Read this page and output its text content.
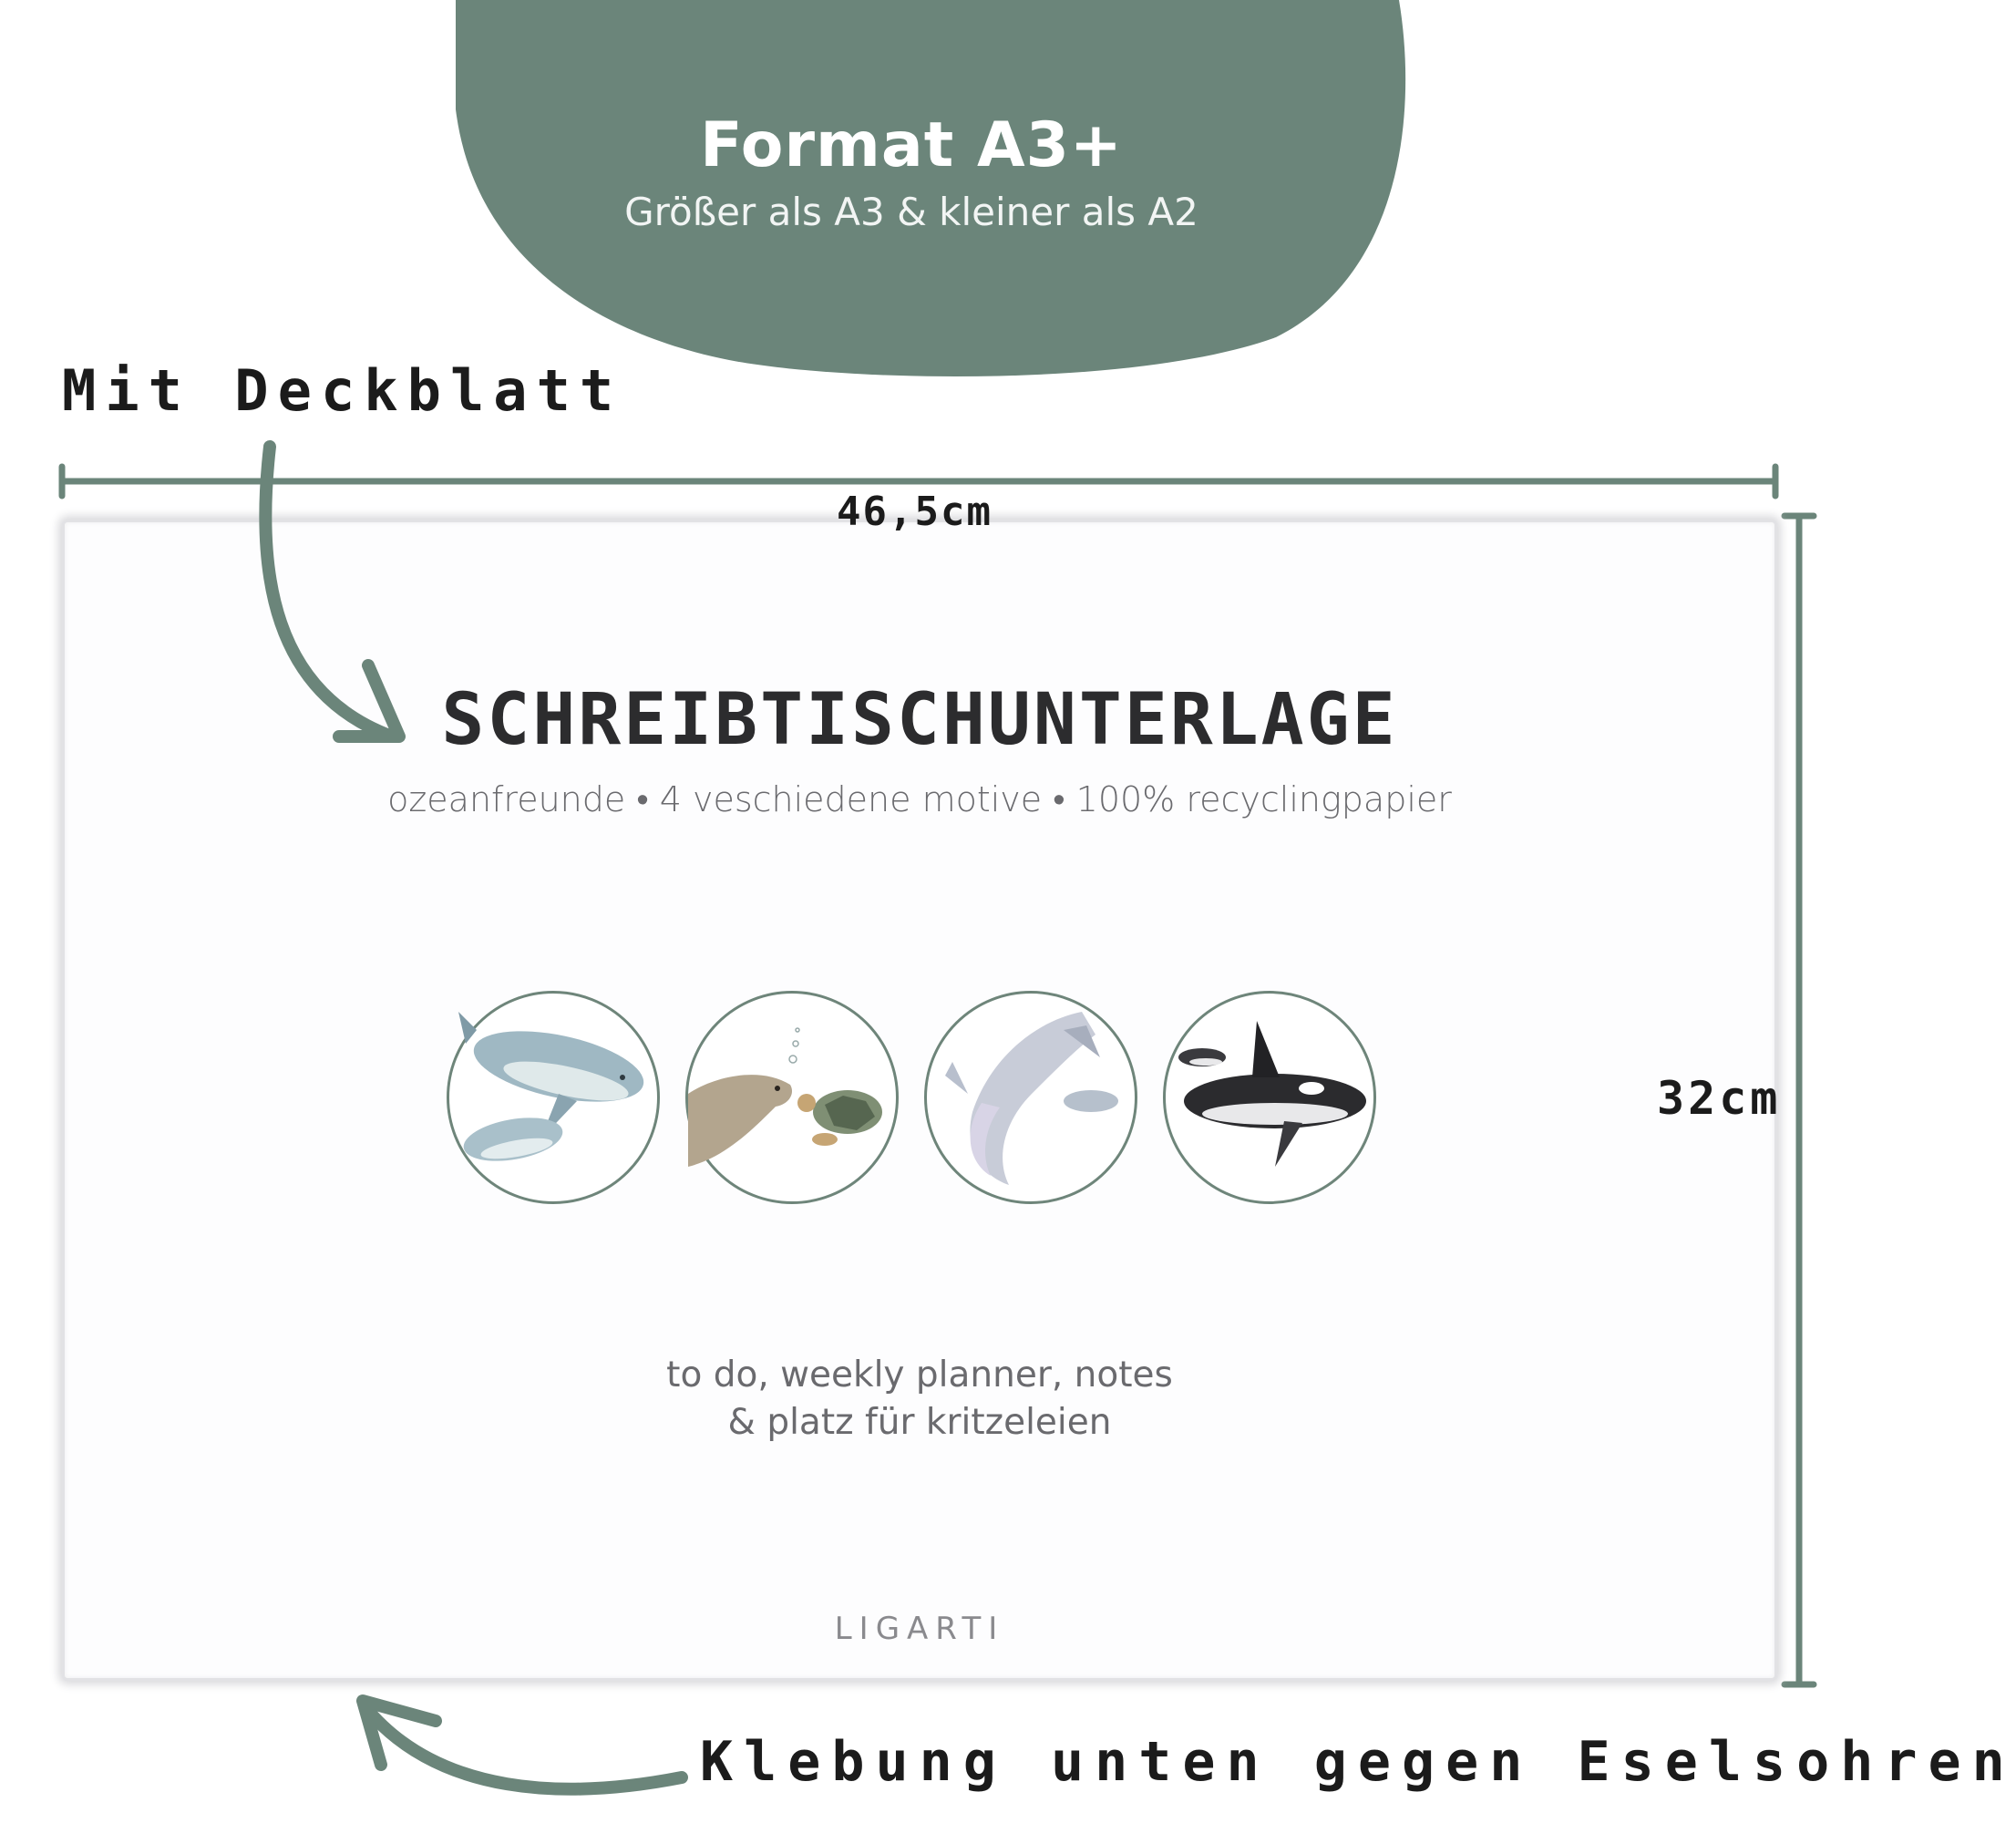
Format A3+
Größer als A3 & kleiner als A2
Mit Deckblatt
SCHREIBTISCHUNTERLAGE
ozeanfreunde • 4 veschiedene motive • 100% recyclingpapier
to do, weekly planner, notes
& platz für kritzeleien
LIGARTI
46,5cm
32cm
Klebung unten gegen Eselsohren
